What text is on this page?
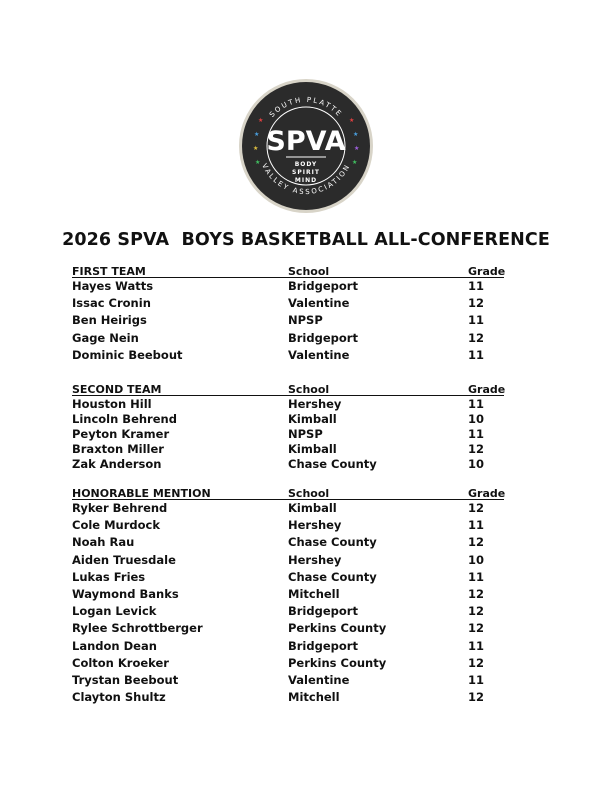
SOUTH PLATTE
VALLEY ASSOCIATION
SPVA
BODY
SPIRIT
MIND
★
★
★
★
★
★
★
★
2026 SPVA  BOYS BASKETBALL ALL-CONFERENCE
FIRST TEAM	School	Grade
Hayes Watts	Bridgeport	11
Issac Cronin	Valentine	12
Ben Heirigs	NPSP	11
Gage Nein	Bridgeport	12
Dominic Beebout	Valentine	11
SECOND TEAM	School	Grade
Houston Hill	Hershey	11
Lincoln Behrend	Kimball	10
Peyton Kramer	NPSP	11
Braxton Miller	Kimball	12
Zak Anderson	Chase County	10
HONORABLE MENTION	School	Grade
Ryker Behrend	Kimball	12
Cole Murdock	Hershey	11
Noah Rau	Chase County	12
Aiden Truesdale	Hershey	10
Lukas Fries	Chase County	11
Waymond Banks	Mitchell	12
Logan Levick	Bridgeport	12
Rylee Schrottberger	Perkins County	12
Landon Dean	Bridgeport	11
Colton Kroeker	Perkins County	12
Trystan Beebout	Valentine	11
Clayton Shultz	Mitchell	12
